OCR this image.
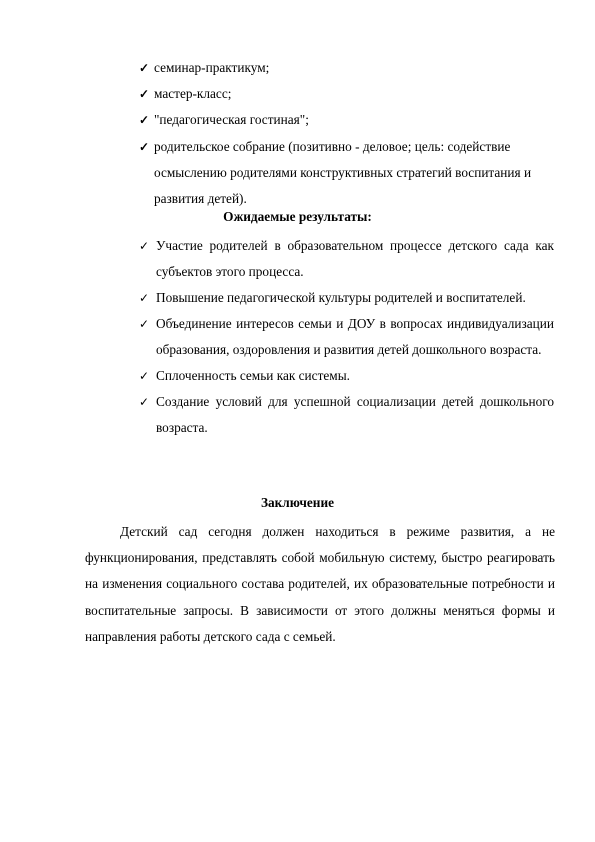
✓ семинар-практикум;
✓ мастер-класс;
✓ "педагогическая гостиная";
✓ родительское собрание (позитивно - деловое; цель: содействие осмыслению родителями конструктивных стратегий воспитания и развития детей).
Ожидаемые результаты:
✓ Участие родителей в образовательном процессе детского сада как субъектов этого процесса.
✓ Повышение педагогической культуры родителей и воспитателей.
✓ Объединение интересов семьи и ДОУ в вопросах индивидуализации образования, оздоровления и развития детей дошкольного возраста.
✓ Сплоченность семьи как системы.
✓ Создание условий для успешной социализации детей дошкольного возраста.
Заключение

Детский сад сегодня должен находиться в режиме развития, а не функционирования, представлять собой мобильную систему, быстро реагировать на изменения социального состава родителей, их образовательные потребности и воспитательные запросы. В зависимости от этого должны меняться формы и направления работы детского сада с семьей.
